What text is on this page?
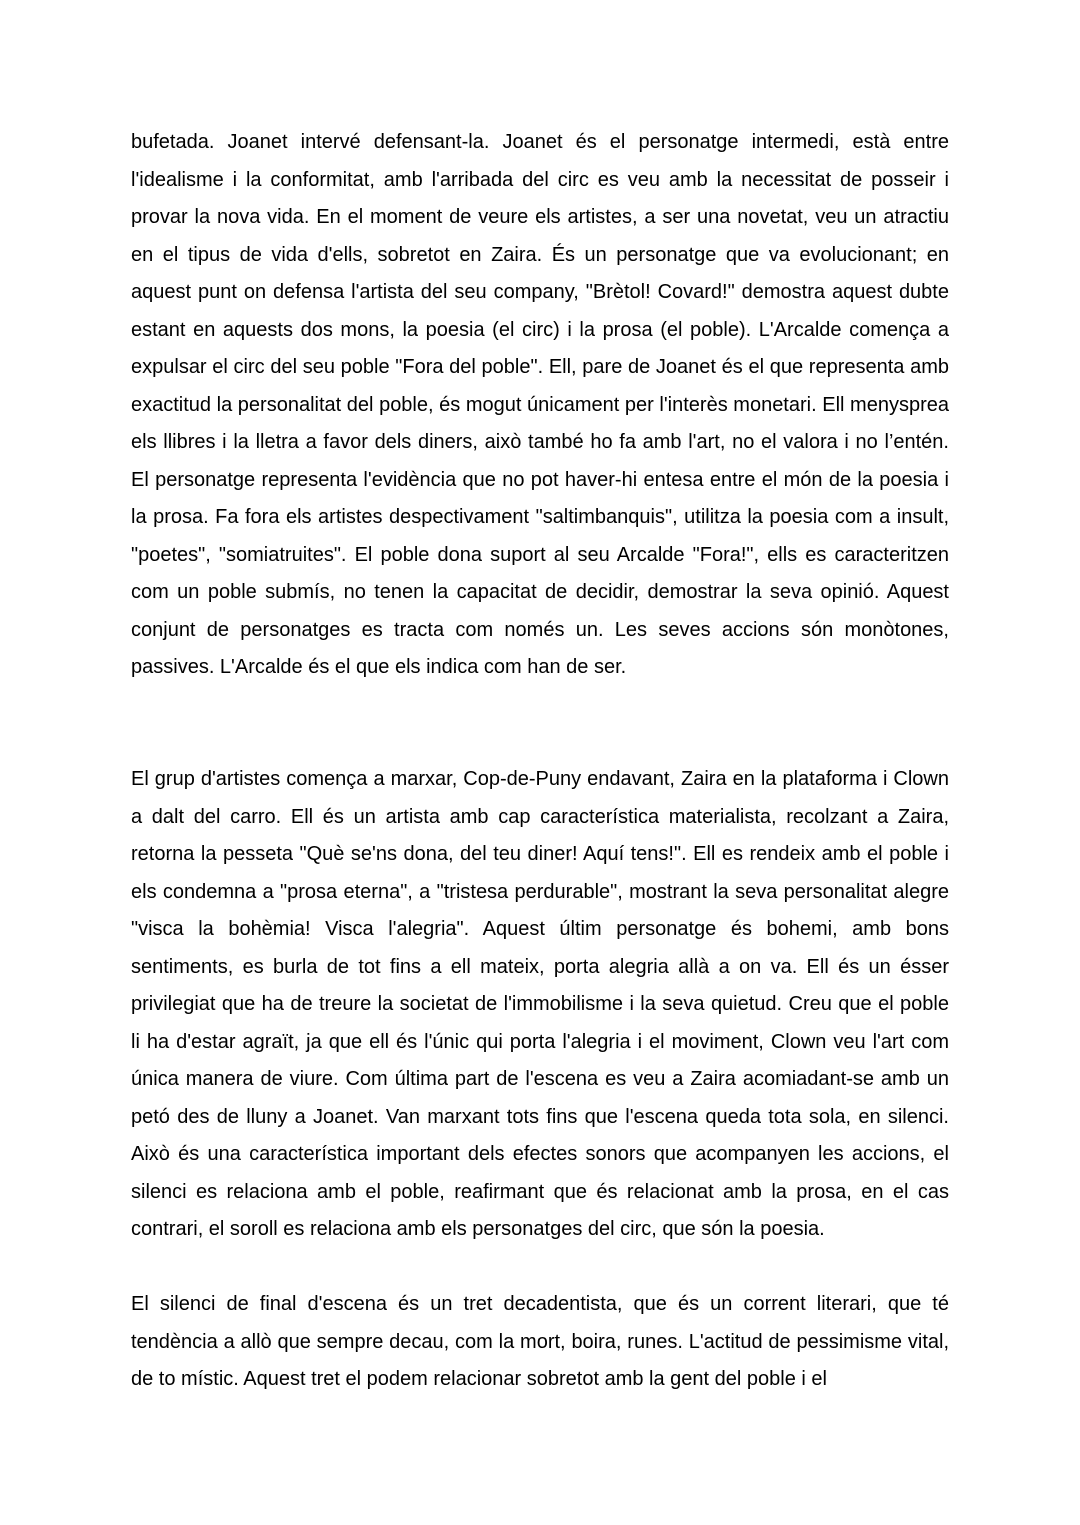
bufetada. Joanet intervé defensant-la. Joanet és el personatge intermedi, està entre l'idealisme i la conformitat, amb l'arribada del circ es veu amb la necessitat de posseir i provar la nova vida. En el moment de veure els artistes, a ser una novetat, veu un atractiu en el tipus de vida d'ells, sobretot en Zaira. És un personatge que va evolucionant; en aquest punt on defensa l'artista del seu company, "Brètol! Covard!" demostra aquest dubte estant en aquests dos mons, la poesia (el circ) i la prosa (el poble). L'Arcalde comença a expulsar el circ del seu poble "Fora del poble". Ell, pare de Joanet és el que representa amb exactitud la personalitat del poble, és mogut únicament per l'interès monetari. Ell menysprea els llibres i la lletra a favor dels diners, això també ho fa amb l'art, no el valora i no l’entén. El personatge representa l'evidència que no pot haver-hi entesa entre el món de la poesia i la prosa. Fa fora els artistes despectivament "saltimbanquis", utilitza la poesia com a insult, "poetes", "somiatruites". El poble dona suport al seu Arcalde "Fora!", ells es caracteritzen com un poble submís, no tenen la capacitat de decidir, demostrar la seva opinió. Aquest conjunt de personatges es tracta com només un. Les seves accions són monòtones, passives. L'Arcalde és el que els indica com han de ser.

El grup d'artistes comença a marxar, Cop-de-Puny endavant, Zaira en la plataforma i Clown a dalt del carro. Ell és un artista amb cap característica materialista, recolzant a Zaira, retorna la pesseta "Què se'ns dona, del teu diner! Aquí tens!". Ell es rendeix amb el poble i els condemna a "prosa eterna", a "tristesa perdurable", mostrant la seva personalitat alegre "visca la bohèmia! Visca l'alegria". Aquest últim personatge és bohemi, amb bons sentiments, es burla de tot fins a ell mateix, porta alegria allà a on va. Ell és un ésser privilegiat que ha de treure la societat de l'immobilisme i la seva quietud. Creu que el poble li ha d'estar agraït, ja que ell és l'únic qui porta l'alegria i el moviment, Clown veu l'art com única manera de viure. Com última part de l'escena es veu a Zaira acomiadant-se amb un petó des de lluny a Joanet. Van marxant tots fins que l'escena queda tota sola, en silenci. Això és una característica important dels efectes sonors que acompanyen les accions, el silenci es relaciona amb el poble, reafirmant que és relacionat amb la prosa, en el cas contrari, el soroll es relaciona amb els personatges del circ, que són la poesia.

El silenci de final d'escena és un tret decadentista, que és un corrent literari, que té tendència a allò que sempre decau, com la mort, boira, runes. L'actitud de pessimisme vital, de to místic. Aquest tret el podem relacionar sobretot amb la gent del poble i el
